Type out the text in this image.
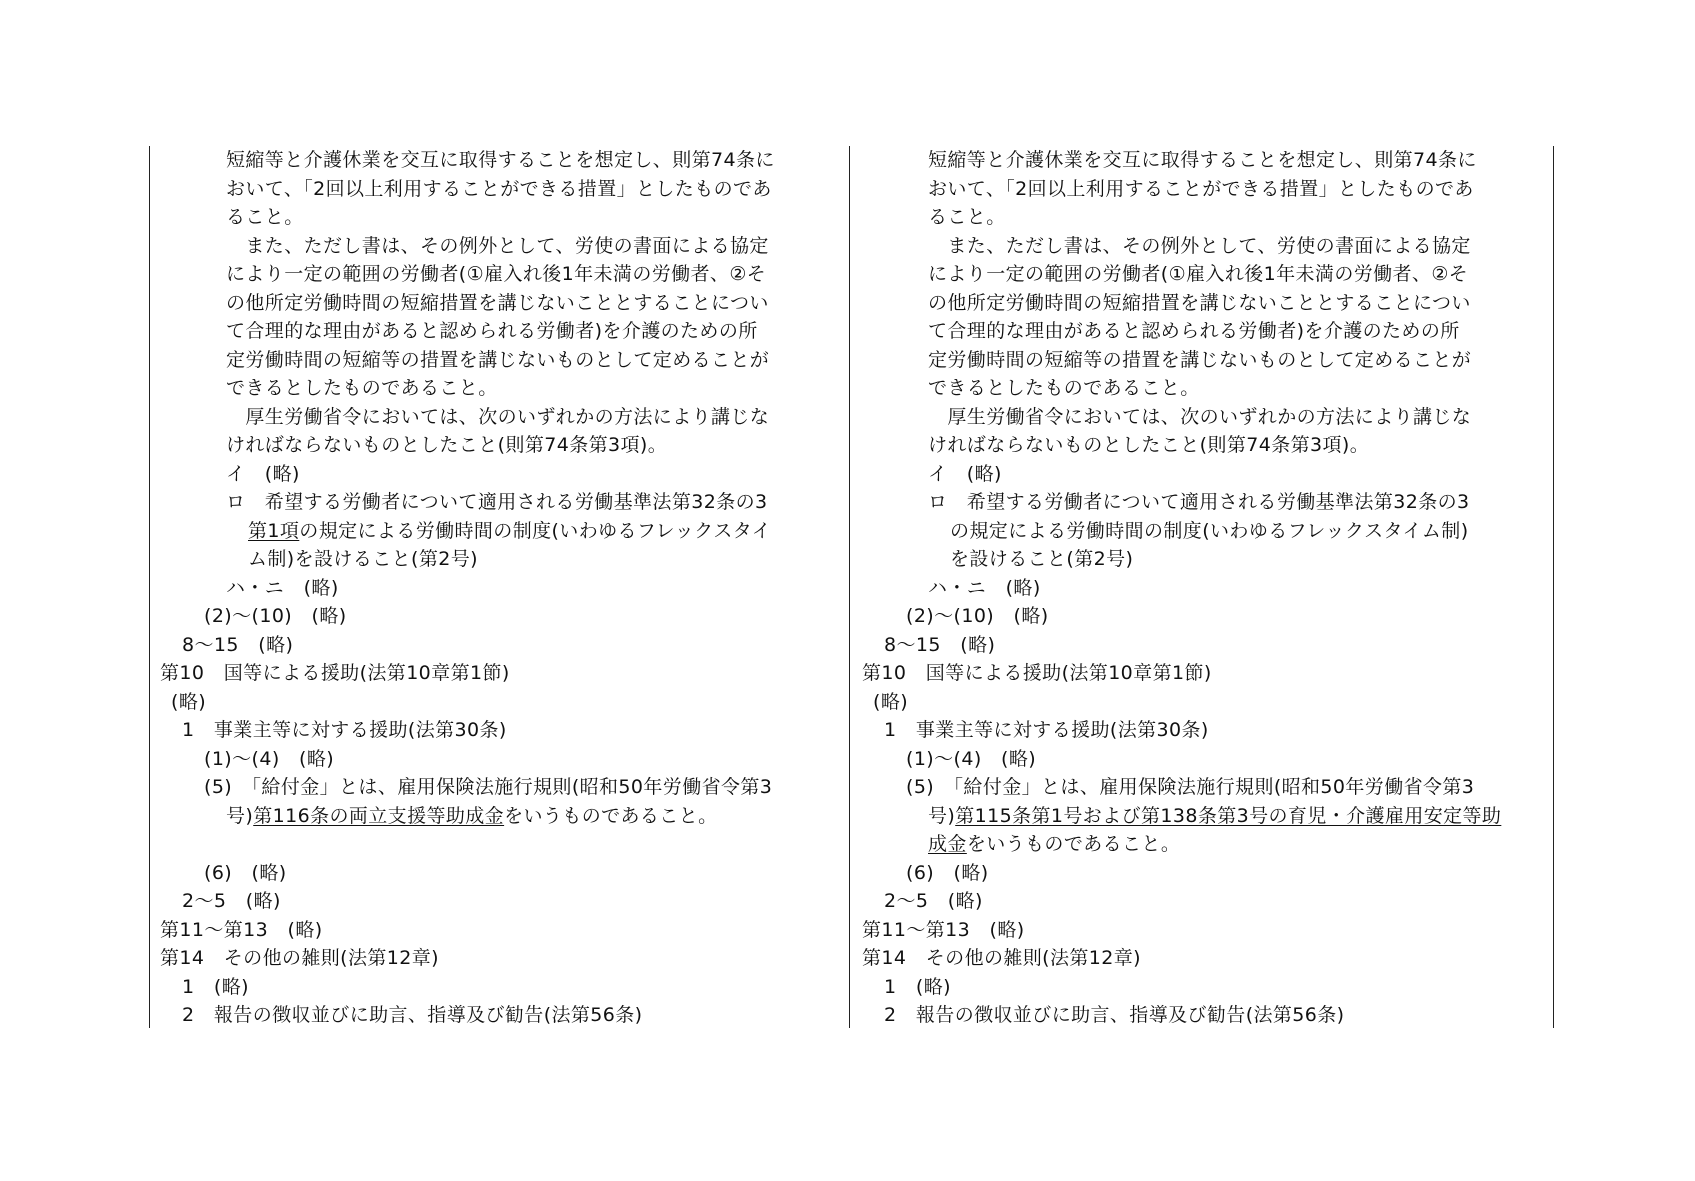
短縮等と介護休業を交互に取得することを想定し、則第74条に
おいて、「2回以上利用することができる措置」としたものであ
ること。
　また、ただし書は、その例外として、労使の書面による協定
により一定の範囲の労働者(①雇入れ後1年未満の労働者、②そ
の他所定労働時間の短縮措置を講じないこととすることについ
て合理的な理由があると認められる労働者)を介護のための所
定労働時間の短縮等の措置を講じないものとして定めることが
できるとしたものであること。
　厚生労働省令においては、次のいずれかの方法により講じな
ければならないものとしたこと(則第74条第3項)。
イ　(略)
ロ　希望する労働者について適用される労働基準法第32条の3
第1項の規定による労働時間の制度(いわゆるフレックスタイ
ム制)を設けること(第2号)
ハ・ニ　(略)
(2)～(10)　(略)
8～15　(略)
第10　国等による援助(法第10章第1節)
(略)
1　事業主等に対する援助(法第30条)
(1)～(4)　(略)
(5)　「給付金」とは、雇用保険法施行規則(昭和50年労働省令第3
号)第116条の両立支援等助成金をいうものであること。
(6)　(略)
2～5　(略)
第11～第13　(略)
第14　その他の雑則(法第12章)
1　(略)
2　報告の徴収並びに助言、指導及び勧告(法第56条)
短縮等と介護休業を交互に取得することを想定し、則第74条に
おいて、「2回以上利用することができる措置」としたものであ
ること。
　また、ただし書は、その例外として、労使の書面による協定
により一定の範囲の労働者(①雇入れ後1年未満の労働者、②そ
の他所定労働時間の短縮措置を講じないこととすることについ
て合理的な理由があると認められる労働者)を介護のための所
定労働時間の短縮等の措置を講じないものとして定めることが
できるとしたものであること。
　厚生労働省令においては、次のいずれかの方法により講じな
ければならないものとしたこと(則第74条第3項)。
イ　(略)
ロ　希望する労働者について適用される労働基準法第32条の3
の規定による労働時間の制度(いわゆるフレックスタイム制)
を設けること(第2号)
ハ・ニ　(略)
(2)～(10)　(略)
8～15　(略)
第10　国等による援助(法第10章第1節)
(略)
1　事業主等に対する援助(法第30条)
(1)～(4)　(略)
(5)　「給付金」とは、雇用保険法施行規則(昭和50年労働省令第3
号)第115条第1号および第138条第3号の育児・介護雇用安定等助
成金をいうものであること。
(6)　(略)
2～5　(略)
第11～第13　(略)
第14　その他の雑則(法第12章)
1　(略)
2　報告の徴収並びに助言、指導及び勧告(法第56条)
